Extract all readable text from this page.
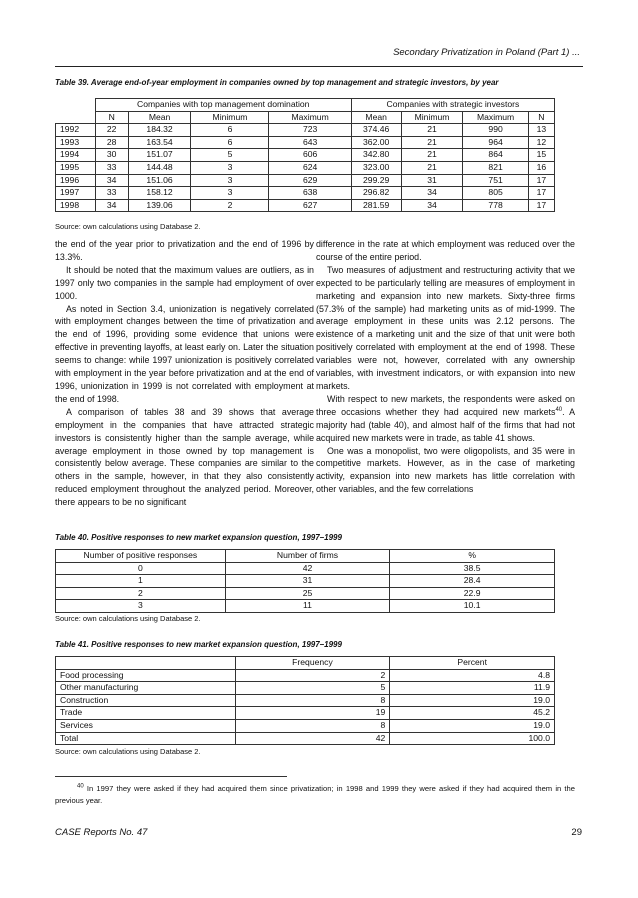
Secondary Privatization in Poland (Part 1) ...
Table 39. Average end-of-year employment in companies owned by top management and strategic investors, by year
	Companies with top management domination				Companies with strategic investors			
	N	Mean	Minimum	Maximum	Mean	Minimum	Maximum	N
1992	22	184.32	6	723	374.46	21	990	13
1993	28	163.54	6	643	362.00	21	964	12
1994	30	151.07	5	606	342.80	21	864	15
1995	33	144.48	3	624	323.00	21	821	16
1996	34	151.06	3	629	299.29	31	751	17
1997	33	158.12	3	638	296.82	34	805	17
1998	34	139.06	2	627	281.59	34	778	17
Source: own calculations using Database 2.

the end of the year prior to privatization and the end of 1996 by 13.3%.

It should be noted that the maximum values are outliers, as in 1997 only two companies in the sample had employment of over 1000.

As noted in Section 3.4, unionization is negatively correlated with employment changes between the time of privatization and the end of 1996, providing some evidence that unions were effective in preventing layoffs, at least early on. Later the situation seems to change: while 1997 unionization is positively correlated with employment in the year before privatization and at the end of 1996, unionization in 1999 is not correlated with employment at the end of 1998.

A comparison of tables 38 and 39 shows that average employment in the companies that have attracted strategic investors is consistently higher than the sample average, while average employment in those owned by top management is consistently below average. These companies are similar to the others in the sample, however, in that they also consistently reduced employment throughout the analyzed period. Moreover, there appears to be no significant

difference in the rate at which employment was reduced over the course of the entire period.

Two measures of adjustment and restructuring activity that we expected to be particularly telling are measures of employment in marketing and expansion into new markets. Sixty-three firms (57.3% of the sample) had marketing units as of mid-1999. The average employment in these units was 2.12 persons. The existence of a marketing unit and the size of that unit were both positively correlated with employment at the end of 1998. These variables were not, however, correlated with any ownership variables, with investment indicators, or with expansion into new markets.

With respect to new markets, the respondents were asked on three occasions whether they had acquired new markets$^{40}$. A majority had (table 40), and almost half of the firms that had not acquired new markets were in trade, as table 41 shows.

One was a monopolist, two were oligopolists, and 35 were in competitive markets. However, as in the case of marketing activity, expansion into new markets has little correlation with other variables, and the few correlations

Table 40. Positive responses to new market expansion question, 1997–1999
Number of positive responses	Number of firms	%
0	42	38.5
1	31	28.4
2	25	22.9
3	11	10.1
Source: own calculations using Database 2.
Table 41. Positive responses to new market expansion question, 1997–1999
	Frequency	Percent
Food processing	2	4.8
Other manufacturing	5	11.9
Construction	8	19.0
Trade	19	45.2
Services	8	19.0
Total	42	100.0
Source: own calculations using Database 2.
$^{40}$ In 1997 they were asked if they had acquired them since privatization; in 1998 and 1999 they were asked if they had acquired them in the previous year.
CASE Reports No. 47	29
